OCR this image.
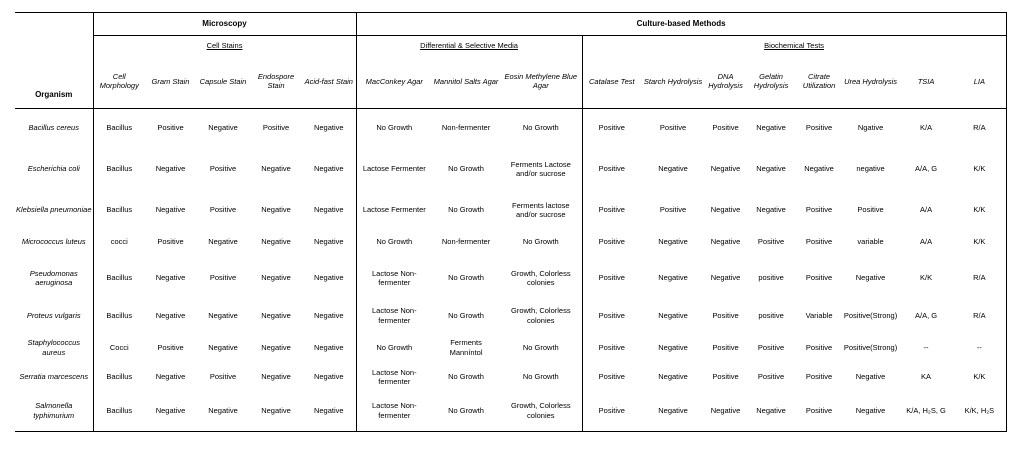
Organism	Microscopy					Culture-based Methods										
	Cell Stains					Differential & Selective Media			Biochemical Tests							
	Cell Morphology	Gram Stain	Capsule Stain	Endospore Stain	Acid-fast Stain	MacConkey Agar	Mannitol Salts Agar	Eosin Methylene Blue Agar	Catalase Test	Starch Hydrolysis	DNA Hydrolysis	Gelatin Hydrolysis	Citrate Utilization	Urea Hydrolysis	TSIA	LIA
Bacillus cereus	Bacillus	Positive	Negative	Positive	Negative	No Growth	Non-fermenter	No Growth	Positive	Positive	Positive	Negative	Positive	Ngative	K/A	R/A
Escherichia coli	Bacillus	Negative	Positive	Negative	Negative	Lactose Fermenter	No Growth	Ferments Lactose and/or sucrose	Positive	Negative	Negative	Negative	Negative	negative	A/A, G	K/K
Klebsiella pneumoniae	Bacillus	Negative	Positive	Negative	Negative	Lactose Fermenter	No Growth	Ferments lactose and/or sucrose	Positive	Positive	Negative	Negative	Positive	Positive	A/A	K/K
Micrococcus luteus	cocci	Positive	Negative	Negative	Negative	No Growth	Non-fermenter	No Growth	Positive	Negative	Negative	Positive	Positive	variable	A/A	K/K
Pseudomonas aeruginosa	Bacillus	Negative	Positive	Negative	Negative	Lactose Non-fermenter	No Growth	Growth, Colorless colonies	Positive	Negative	Negative	positive	Positive	Negative	K/K	R/A
Proteus vulgaris	Bacillus	Negative	Negative	Negative	Negative	Lactose Non-fermenter	No Growth	Growth, Colorless colonies	Positive	Negative	Positive	positive	Variable	Positive(Strong)	A/A, G	R/A
Staphylococcus aureus	Cocci	Positive	Negative	Negative	Negative	No Growth	Ferments Manníntol	No Growth	Positive	Negative	Positive	Positive	Positive	Positive(Strong)	--	--
Serratia marcescens	Bacillus	Negative	Positive	Negative	Negative	Lactose Non-fermenter	No Growth	No Growth	Positive	Negative	Positive	Positive	Positive	Negative	KA	K/K
Salmonella typhimurium	Bacillus	Negative	Negative	Negative	Negative	Lactose Non-fermenter	No Growth	Growth, Colorless colonies	Positive	Negative	Negative	Negative	Positive	Negative	K/A, H₂S, G	K/K, H₂S
